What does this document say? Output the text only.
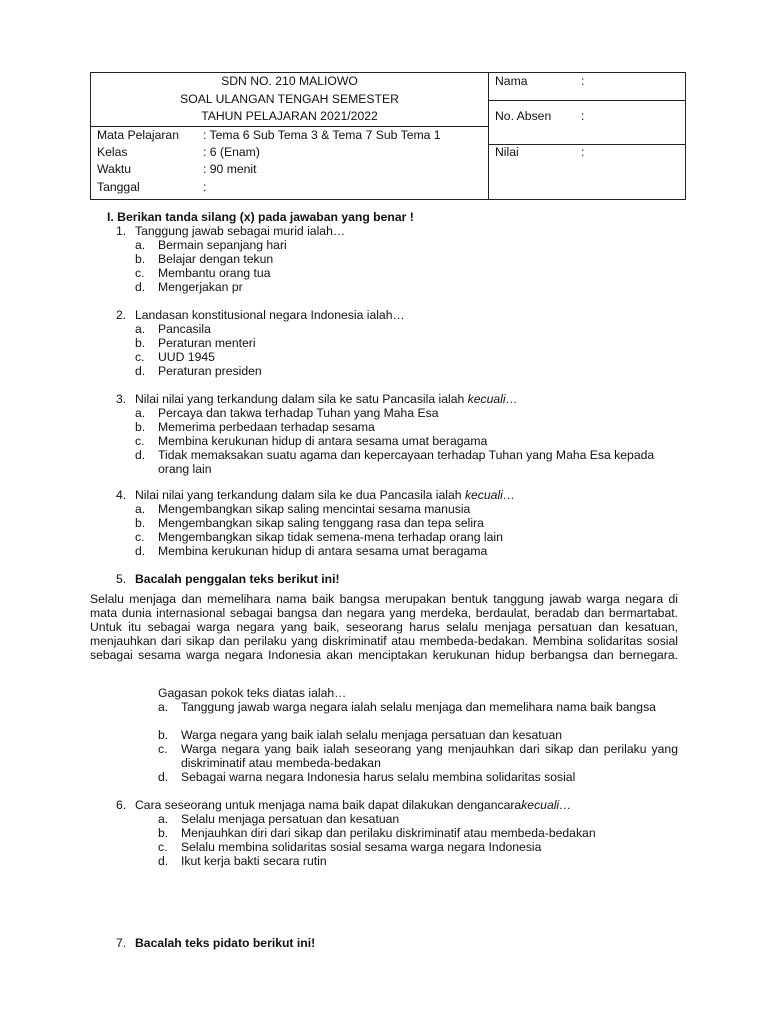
SDN NO. 210 MALIOWO
SOAL ULANGAN TENGAH SEMESTER
TAHUN PELAJARAN 2021/2022
Mata Pelajaran : Tema 6 Sub Tema 3 & Tema 7 Sub Tema 1
Kelas	: 6 (Enam)
Waktu	: 90 menit
Tanggal	:
Nama	:
No. Absen :
Nilai	:
I. Berikan tanda silang (x) pada jawaban yang benar !
1. Tanggung jawab sebagai murid ialah…
a. Bermain sepanjang hari
b. Belajar dengan tekun
c. Membantu orang tua
d. Mengerjakan pr
2. Landasan konstitusional negara Indonesia ialah…
a. Pancasila
b. Peraturan menteri
c. UUD 1945
d. Peraturan presiden
3. Nilai nilai yang terkandung dalam sila ke satu Pancasila ialah kecuali…
a. Percaya dan takwa terhadap Tuhan yang Maha Esa
b. Memerima perbedaan terhadap sesama
c. Membina kerukunan hidup di antara sesama umat beragama
d. Tidak memaksakan suatu agama dan kepercayaan terhadap Tuhan yang Maha Esa kepada orang lain
4. Nilai nilai yang terkandung dalam sila ke dua Pancasila ialah kecuali…
a. Mengembangkan sikap saling mencintai sesama manusia
b. Mengembangkan sikap saling tenggang rasa dan tepa selira
c. Mengembangkan sikap tidak semena-mena terhadap orang lain
d. Membina kerukunan hidup di antara sesama umat beragama
5. Bacalah penggalan teks berikut ini!
Selalu menjaga dan memelihara nama baik bangsa merupakan bentuk tanggung jawab warga negara di mata dunia internasional sebagai bangsa dan negara yang merdeka, berdaulat, beradab dan bermartabat. Untuk itu sebagai warga negara yang baik, seseorang harus selalu menjaga persatuan dan kesatuan, menjauhkan dari sikap dan perilaku yang diskriminatif atau membeda-bedakan. Membina solidaritas sosial sebagai sesama warga negara Indonesia akan menciptakan kerukunan hidup berbangsa dan bernegara.
Gagasan pokok teks diatas ialah…
a. Tanggung jawab warga negara ialah selalu menjaga dan memelihara nama baik bangsa
b. Warga negara yang baik ialah selalu menjaga persatuan dan kesatuan
c. Warga negara yang baik ialah seseorang yang menjauhkan dari sikap dan perilaku yang diskriminatif atau membeda-bedakan
d. Sebagai warna negara Indonesia harus selalu membina solidaritas sosial
6. Cara seseorang untuk menjaga nama baik dapat dilakukan dengancarakecuali…
a. Selalu menjaga persatuan dan kesatuan
b. Menjauhkan diri dari sikap dan perilaku diskriminatif atau membeda-bedakan
c. Selalu membina solidaritas sosial sesama warga negara Indonesia
d. Ikut kerja bakti secara rutin
7. Bacalah teks pidato berikut ini!
